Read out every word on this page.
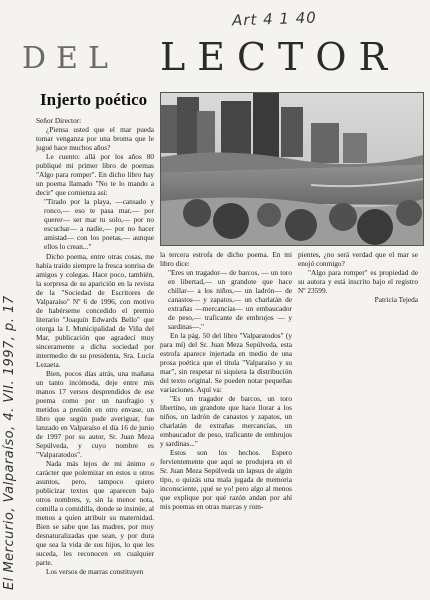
Art 4 1 40
DEL LECTOR
Injerto poético

Señor Director:

¿Piensa usted que el mar pueda tomar venganza por una broma que le jugué hace muchos años?

Le cuento: allá por los años 80 publiqué mi primer libro de poemas "Algo para romper". En dicho libro hay un poema llamado "No te lo mando a decir" que comienza así:

"Tirado por la playa, —cansado y ronco,— eso te pasa mar,— por querer— ser mar tu solo,— por no escuchar— a nadie,— por no hacer amistad— con los poetas,— aunque ellos lo crean..."

Dicho poema, entre otras cosas, me había traído siempre la fresca sonrisa de amigos y colegas. Hace poco, también, la sorpresa de su aparición en la revista de la "Sociedad de Escritores de Valparaíso" Nº 6 de 1996, con motivo de habérseme concedido el premio literario "Joaquín Edwards Bello" que otorga la I. Municipalidad de Viña del Mar, publicación que agradecí muy sinceramente a dicha sociedad por intermedio de su presidenta, Sra. Lucía Lezaeta.

Bien, pocos días atrás, una mañana un tanto incómoda, deje entre mis manos 17 versos desprendidos de ese poema como por un naufragio y metidos a presión en otro envase, un libro que según pude averiguar, fue lanzado en Valparaíso el día 16 de junio de 1997 por su autor, Sr. Juan Meza Sepúlveda, y cuyo nombre es "Valparatodos".

Nada más lejos de mi ánimo o carácter que polemizar en estos u otros asuntos, pero, tampoco quiero publicizar textos que aparecen bajo otros nombres, y, sin la menor nota, comilla o comidilla, donde se insinúe, al menos a quien atribuir su maternidad. Bien se sabe que las madres, por muy desnaturalizadas que sean, y por dura que sea la vida de sus hijos, lo que les suceda, les reconocen en cualquier parte.

Los versos de marras constituyen

la tercera estrofa de dicho poema. En mi libro dice:

"Eres un tragador— de barcos, — un toro en libertad,— un grandote que hace chillar— a los niños,— un ladrón— de canastos— y zapatos,— un charlatán de extrañas —mercancías— un embaucador de peso,— traficante de embrujos — y sardinas—."

En la pág. 50 del libro "Valparatodos" (y para mí) del Sr. Juan Meza Sepúlveda, esta estrofa aparece injertada en medio de una prosa poética que el titula "Valparaíso y su mar", sin respetar ni siquiera la distribución del texto original. Se pueden notar pequeñas variaciones. Aquí va:

"Es un tragador de barcos, un toro libertino, un grandote que hace llorar a los niños, un ladrón de canastos y zapatos, un charlatán de extrañas mercancías, un embaucador de peso, traficante de embrujos y sardinas..."

Estos son los hechos. Espero fervientemente que aquí se produjera en el Sr. Juan Meza Sepúlveda un lapsus de algún tipo, o quizás una mala jugada de memoria inconsciente, ¡qué se yo! pero algo al menos que explique por qué razón andan por ahí mis poemas en otras marcas y rom-

pientes, ¿no será verdad que el mar se enojó conmigo?

"Algo para romper" es propiedad de su autora y está inscrito bajo el registro Nº 23599.

Patricia Tejeda

El Mercurio, Valparaíso, 4. VII. 1997, p. 17
